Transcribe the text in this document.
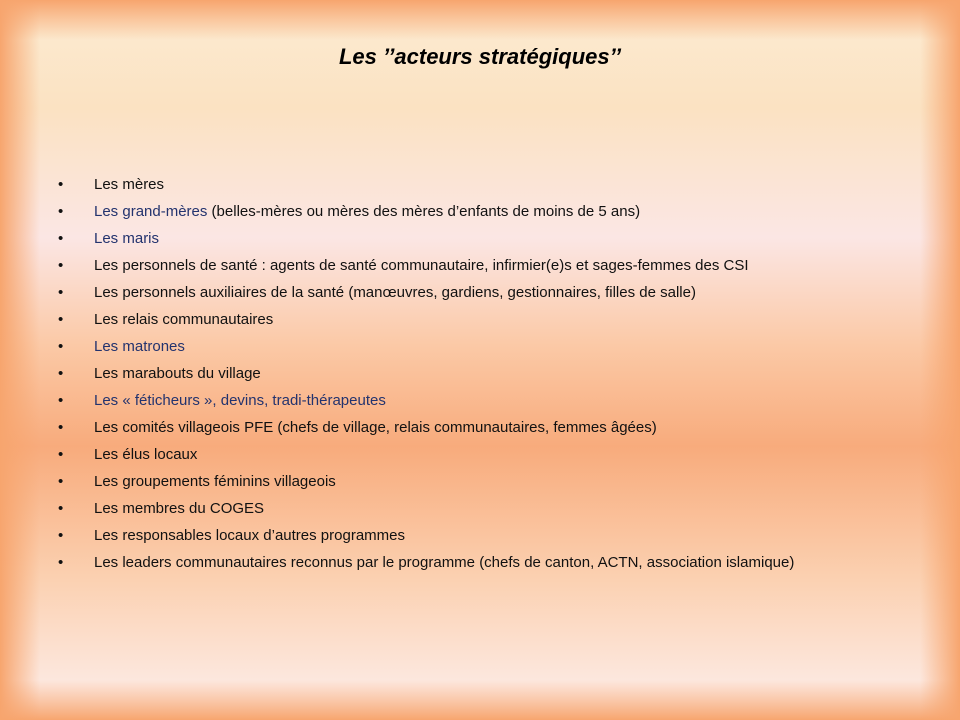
Les ’’acteurs stratégiques’’
•	Les mères
•	Les grand-mères (belles-mères ou mères des mères d’enfants de moins de 5 ans)
•	Les maris
•	Les personnels de santé : agents de santé communautaire, infirmier(e)s et sages-femmes des CSI
•	Les personnels auxiliaires de la santé (manœuvres, gardiens, gestionnaires, filles de salle)
•	Les relais communautaires
•	Les matrones
•	Les marabouts du village
•	Les « féticheurs », devins, tradi-thérapeutes
•	Les comités villageois PFE (chefs de village, relais communautaires, femmes âgées)
•	Les élus locaux
•	Les groupements féminins villageois
•	Les membres du COGES
•	Les responsables locaux d’autres programmes
•	Les leaders communautaires reconnus par le programme (chefs de canton, ACTN, association islamique)
